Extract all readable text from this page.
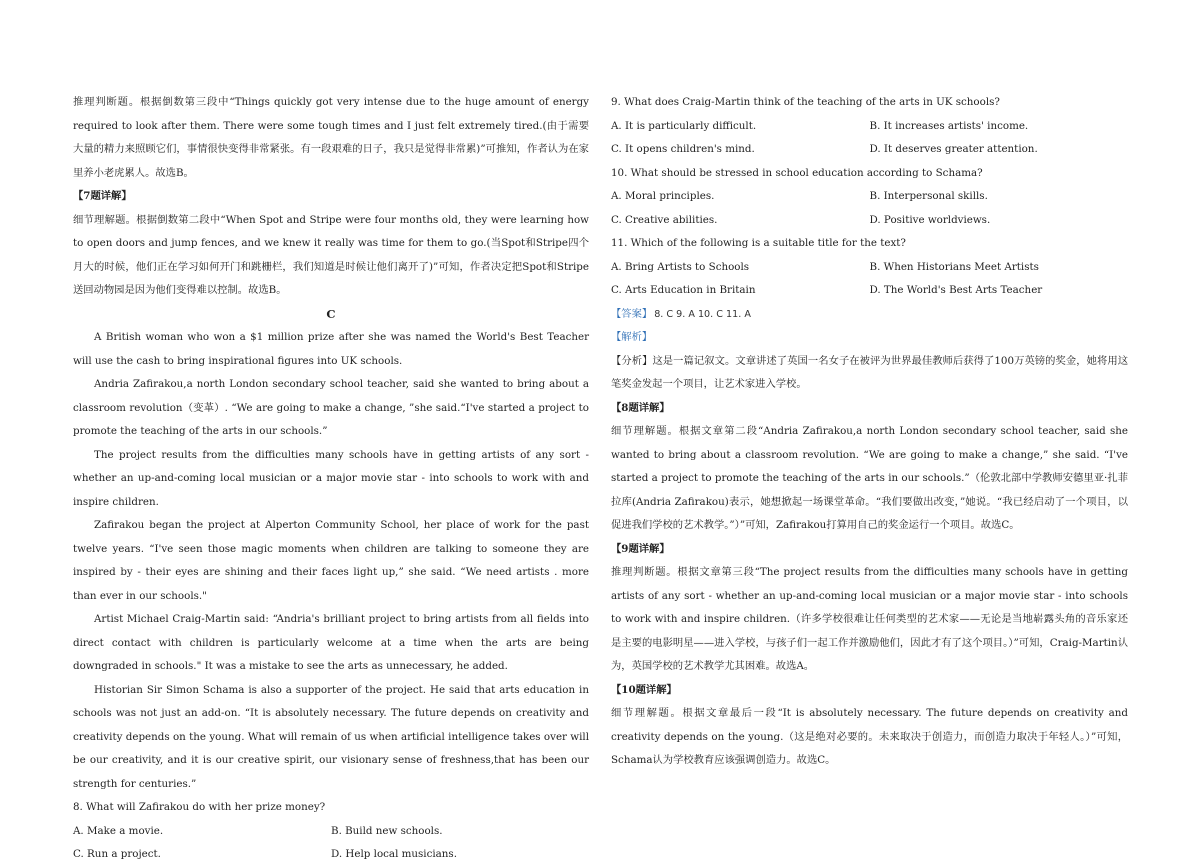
推理判断题。根据倒数第三段中“Things quickly got very intense due to the huge amount of energy required to look after them. There were some tough times and I just felt extremely tired.(由于需要大量的精力来照顾它们，事情很快变得非常紧张。有一段艰难的日子，我只是觉得非常累)”可推知，作者认为在家里养小老虎累人。故选B。

【7题详解】

细节理解题。根据倒数第二段中“When Spot and Stripe were four months old, they were learning how to open doors and jump fences, and we knew it really was time for them to go.(当Spot和Stripe四个月大的时候，他们正在学习如何开门和跳栅栏，我们知道是时候让他们离开了)”可知，作者决定把Spot和Stripe送回动物园是因为他们变得难以控制。故选B。

C

A British woman who won a $1 million prize after she was named the World's Best Teacher will use the cash to bring inspirational figures into UK schools.

Andria Zafirakou,a north London secondary school teacher, said she wanted to bring about a classroom revolution（变革）. “We are going to make a change, ”she said.“I've started a project to promote the teaching of the arts in our schools.”

The project results from the difficulties many schools have in getting artists of any sort - whether an up-and-coming local musician or a major movie star - into schools to work with and inspire children.

Zafirakou began the project at Alperton Community School, her place of work for the past twelve years. “I've seen those magic moments when children are talking to someone they are inspired by - their eyes are shining and their faces light up,” she said. “We need artists . more than ever in our schools."

Artist Michael Craig-Martin said: “Andria's brilliant project to bring artists from all fields into direct contact with children is particularly welcome at a time when the arts are being downgraded in schools." It was a mistake to see the arts as unnecessary, he added.

Historian Sir Simon Schama is also a supporter of the project. He said that arts education in schools was not just an add-on. “It is absolutely necessary. The future depends on creativity and creativity depends on the young. What will remain of us when artificial intelligence takes over will be our creativity, and it is our creative spirit, our visionary sense of freshness,that has been our strength for centuries.”

8. What will Zafirakou do with her prize money?

A. Make a movie.	B. Build new schools.

C. Run a project.	D. Help local musicians.

9. What does Craig-Martin think of the teaching of the arts in UK schools?

A. It is particularly difficult.	B. It increases artists' income.

C. It opens children's mind.	D. It deserves greater attention.

10. What should be stressed in school education according to Schama?

A. Moral principles.	B. Interpersonal skills.

C. Creative abilities.	D. Positive worldviews.

11. Which of the following is a suitable title for the text?

A. Bring Artists to Schools	B. When Historians Meet Artists

C. Arts Education in Britain	D. The World's Best Arts Teacher

【答案】 8. C 9. A 10. C 11. A

【解析】

【分析】这是一篇记叙文。文章讲述了英国一名女子在被评为世界最佳教师后获得了100万英镑的奖金，她将用这笔奖金发起一个项目，让艺术家进入学校。

【8题详解】

细节理解题。根据文章第二段“Andria Zafirakou,a north London secondary school teacher, said she wanted to bring about a classroom revolution. “We are going to make a change,” she said. “I've started a project to promote the teaching of the arts in our schools.”（伦敦北部中学教师安德里亚·扎菲拉库(Andria Zafirakou)表示，她想掀起一场课堂革命。“我们要做出改变，”她说。“我已经启动了一个项目，以促进我们学校的艺术教学。”）”可知，Zafirakou打算用自己的奖金运行一个项目。故选C。

【9题详解】

推理判断题。根据文章第三段“The project results from the difficulties many schools have in getting artists of any sort - whether an up-and-coming local musician or a major movie star - into schools to work with and inspire children.（许多学校很难让任何类型的艺术家——无论是当地崭露头角的音乐家还是主要的电影明星——进入学校，与孩子们一起工作并激励他们，因此才有了这个项目。）”可知，Craig-Martin认为，英国学校的艺术教学尤其困难。故选A。

【10题详解】

细节理解题。根据文章最后一段“It is absolutely necessary. The future depends on creativity and creativity depends on the young.（这是绝对必要的。未来取决于创造力，而创造力取决于年轻人。）”可知，Schama认为学校教育应该强调创造力。故选C。
